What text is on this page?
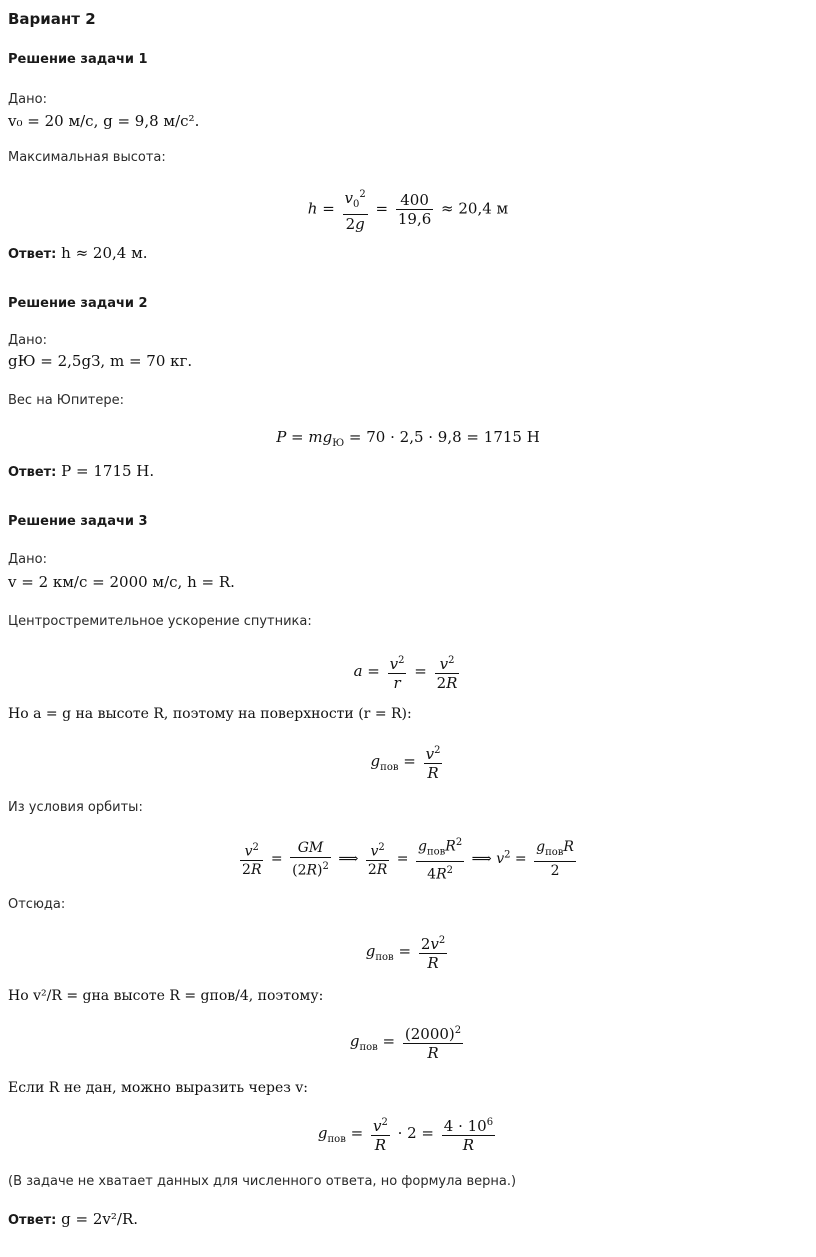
Вариант 2
Решение задачи 1
Дано:
v₀ = 20 м/с, g = 9,8 м/с².
Максимальная высота:
$h = \frac{v_0^2}{2g} = \frac{400}{19,6} \approx 20,4$ м
Ответ: h ≈ 20,4 м.
Решение задачи 2
Дано:
gЮ = 2,5gЗ, m = 70 кг.
Вес на Юпитере:
$P = mg_Ю = 70 \cdot 2,5 \cdot 9,8 = 1715$ Н
Ответ: P = 1715 Н.
Решение задачи 3
Дано:
v = 2 км/с = 2000 м/с, h = R.
Центростремительное ускорение спутника:
$a = \frac{v^2}{r} = \frac{v^2}{2R}$
Но a = g на высоте R, поэтому на поверхности (r = R):
$g_{пов} = \frac{v^2}{R}$
Из условия орбиты:
$\frac{v^2}{2R} = \frac{GM}{(2R)^2}$ ⟹ $\frac{v^2}{2R} = \frac{g_{пов}R^2}{4R^2}$ ⟹ $v^2 = \frac{g_{пов}R}{2}$
Отсюда:
$g_{пов} = \frac{2v^2}{R}$
Но v²/R = gна высоте R = gпов/4, поэтому:
$g_{пов} = \frac{(2000)^2}{R}$
Если R не дан, можно выразить через v:
$g_{пов} = \frac{v^2}{R} \cdot 2 = \frac{4 \cdot 10^6}{R}$
(В задаче не хватает данных для численного ответа, но формула верна.)
Ответ: g = 2v²/R.
